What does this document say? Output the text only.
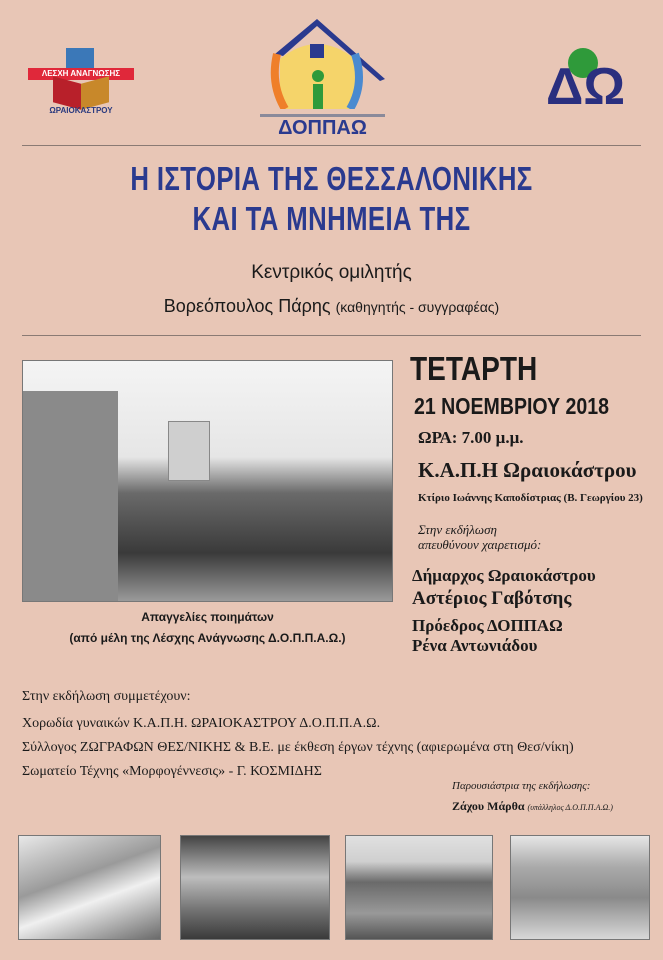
ΛΕΣΧΗ ΑΝΑΓΝΩΣΗΣ
ΩΡΑΙΟΚΑΣΤΡΟΥ
ΔΟΠΠΑΩ
ΔΩ
Η ΙΣΤΟΡΙΑ ΤΗΣ ΘΕΣΣΑΛΟΝΙΚΗΣ
ΚΑΙ ΤΑ ΜΝΗΜΕΙΑ ΤΗΣ
Κεντρικός ομιλητής
Βορεόπουλος Πάρης (καθηγητής - συγγραφέας)
Απαγγελίες ποιημάτων
(από μέλη της Λέσχης Ανάγνωσης Δ.Ο.Π.Π.Α.Ω.)
ΤΕΤΑΡΤΗ
21 ΝΟΕΜΒΡΙΟΥ 2018
ΩΡΑ: 7.00 μ.μ.
Κ.Α.Π.Η Ωραιοκάστρου
Κτίριο Ιωάννης Καποδίστριας (Β. Γεωργίου 23)
Στην εκδήλωση
απευθύνουν χαιρετισμό:
Δήμαρχος Ωραιοκάστρου
Αστέριος Γαβότσης
Πρόεδρος ΔΟΠΠΑΩ
Ρένα Αντωνιάδου
Στην εκδήλωση συμμετέχουν:
Χορωδία γυναικών Κ.Α.Π.Η. ΩΡΑΙΟΚΑΣΤΡΟΥ Δ.Ο.Π.Π.Α.Ω.
Σύλλογος ΖΩΓΡΑΦΩΝ ΘΕΣ/ΝΙΚΗΣ & Β.Ε. με έκθεση έργων τέχνης (αφιερωμένα στη Θεσ/νίκη)
Σωματείο Τέχνης «Μορφογέννεσις» - Γ. ΚΟΣΜΙΔΗΣ
Παρουσιάστρια της εκδήλωσης:
Ζάχου Μάρθα (υπάλληλος Δ.Ο.Π.Π.Α.Ω.)
